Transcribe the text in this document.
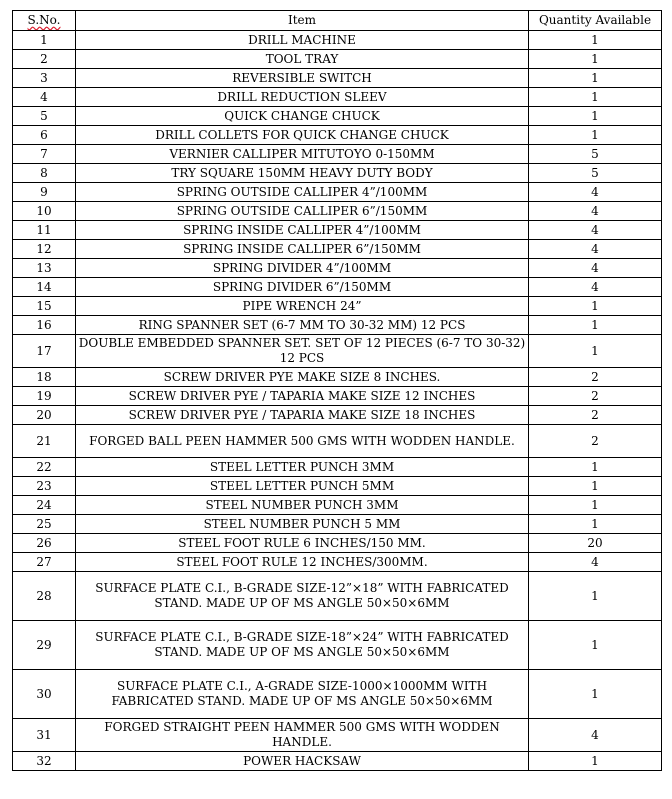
S.No.	Item	Quantity Available
1	DRILL MACHINE	1
2	TOOL TRAY	1
3	REVERSIBLE SWITCH	1
4	DRILL REDUCTION SLEEV	1
5	QUICK CHANGE CHUCK	1
6	DRILL COLLETS FOR QUICK CHANGE CHUCK	1
7	VERNIER CALLIPER MITUTOYO 0-150MM	5
8	TRY SQUARE 150MM HEAVY DUTY BODY	5
9	SPRING OUTSIDE CALLIPER 4”/100MM	4
10	SPRING OUTSIDE CALLIPER 6”/150MM	4
11	SPRING INSIDE CALLIPER 4”/100MM	4
12	SPRING INSIDE CALLIPER 6”/150MM	4
13	SPRING DIVIDER 4”/100MM	4
14	SPRING DIVIDER 6”/150MM	4
15	PIPE WRENCH 24”	1
16	RING SPANNER SET (6-7 MM TO 30-32 MM) 12 PCS	1
17	DOUBLE EMBEDDED SPANNER SET. SET OF 12 PIECES (6-7 TO 30-32) 12 PCS	1
18	SCREW DRIVER PYE MAKE SIZE 8 INCHES.	2
19	SCREW DRIVER PYE / TAPARIA MAKE SIZE 12 INCHES	2
20	SCREW DRIVER PYE / TAPARIA MAKE SIZE 18 INCHES	2
21	FORGED BALL PEEN HAMMER 500 GMS WITH WODDEN HANDLE.	2
22	STEEL LETTER PUNCH 3MM	1
23	STEEL LETTER PUNCH 5MM	1
24	STEEL NUMBER PUNCH 3MM	1
25	STEEL NUMBER PUNCH 5 MM	1
26	STEEL FOOT RULE 6 INCHES/150 MM.	20
27	STEEL FOOT RULE 12 INCHES/300MM.	4
28	SURFACE PLATE C.I., B-GRADE SIZE-12”×18” WITH FABRICATED STAND. MADE UP OF MS ANGLE 50×50×6MM	1
29	SURFACE PLATE C.I., B-GRADE SIZE-18”×24” WITH FABRICATED STAND. MADE UP OF MS ANGLE 50×50×6MM	1
30	SURFACE PLATE C.I., A-GRADE SIZE-1000×1000MM WITH FABRICATED STAND. MADE UP OF MS ANGLE 50×50×6MM	1
31	FORGED STRAIGHT PEEN HAMMER 500 GMS WITH WODDEN HANDLE.	4
32	POWER HACKSAW	1
